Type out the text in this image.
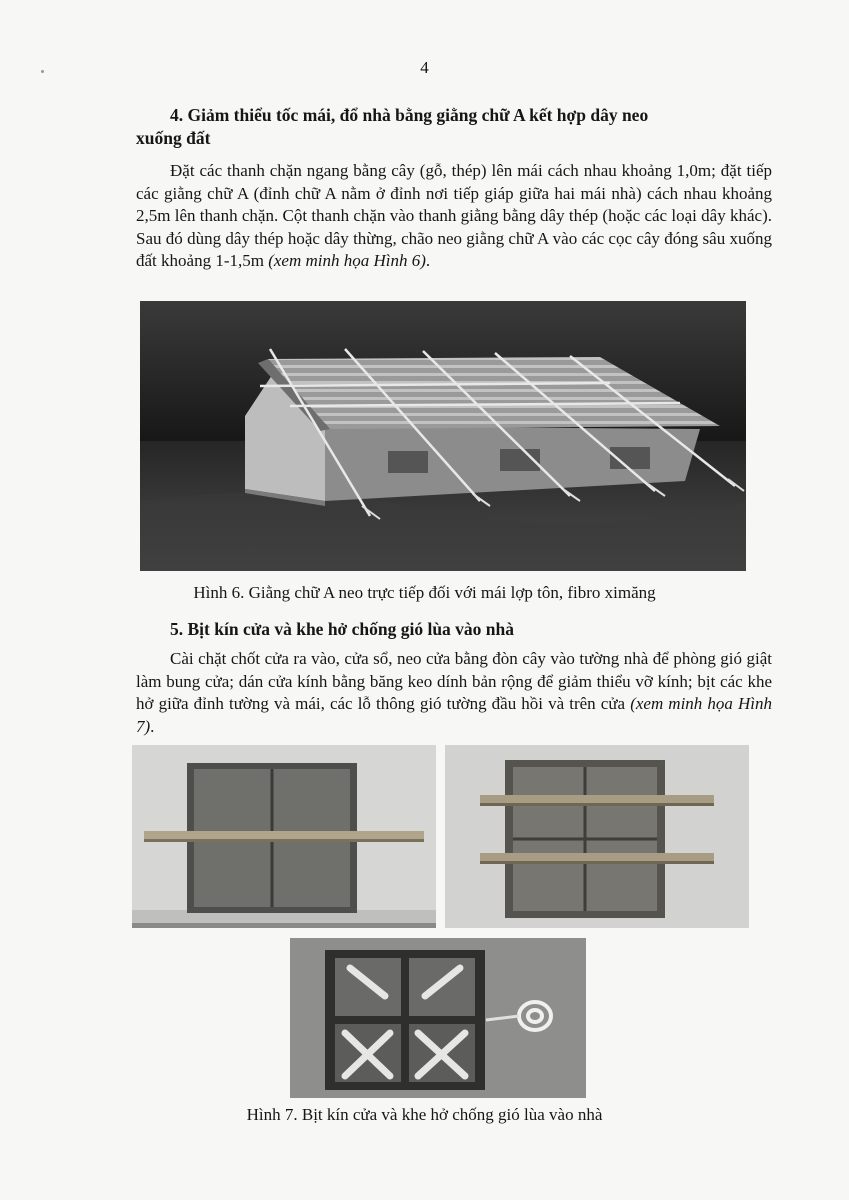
4
4. Giảm thiểu tốc mái, đổ nhà bằng giằng chữ A kết hợp dây neo
xuống đất
Đặt các thanh chặn ngang bằng cây (gỗ, thép) lên mái cách nhau khoảng 1,0m; đặt tiếp các giằng chữ A (đỉnh chữ A nằm ở đỉnh nơi tiếp giáp giữa hai mái nhà) cách nhau khoảng 2,5m lên thanh chặn. Cột thanh chặn vào thanh giằng bằng dây thép (hoặc các loại dây khác). Sau đó dùng dây thép hoặc dây thừng, chão neo giằng chữ A vào các cọc cây đóng sâu xuống đất khoảng 1-1,5m (xem minh họa Hình 6).
Hình 6. Giằng chữ A neo trực tiếp đối với mái lợp tôn, fibro ximăng
5. Bịt kín cửa và khe hở chống gió lùa vào nhà
Cài chặt chốt cửa ra vào, cửa sổ, neo cửa bằng đòn cây vào tường nhà để phòng gió giật làm bung cửa; dán cửa kính bằng băng keo dính bản rộng để giảm thiểu vỡ kính; bịt các khe hở giữa đỉnh tường và mái, các lỗ thông gió tường đầu hồi và trên cửa (xem minh họa Hình 7).
Hình 7. Bịt kín cửa và khe hở chống gió lùa vào nhà
